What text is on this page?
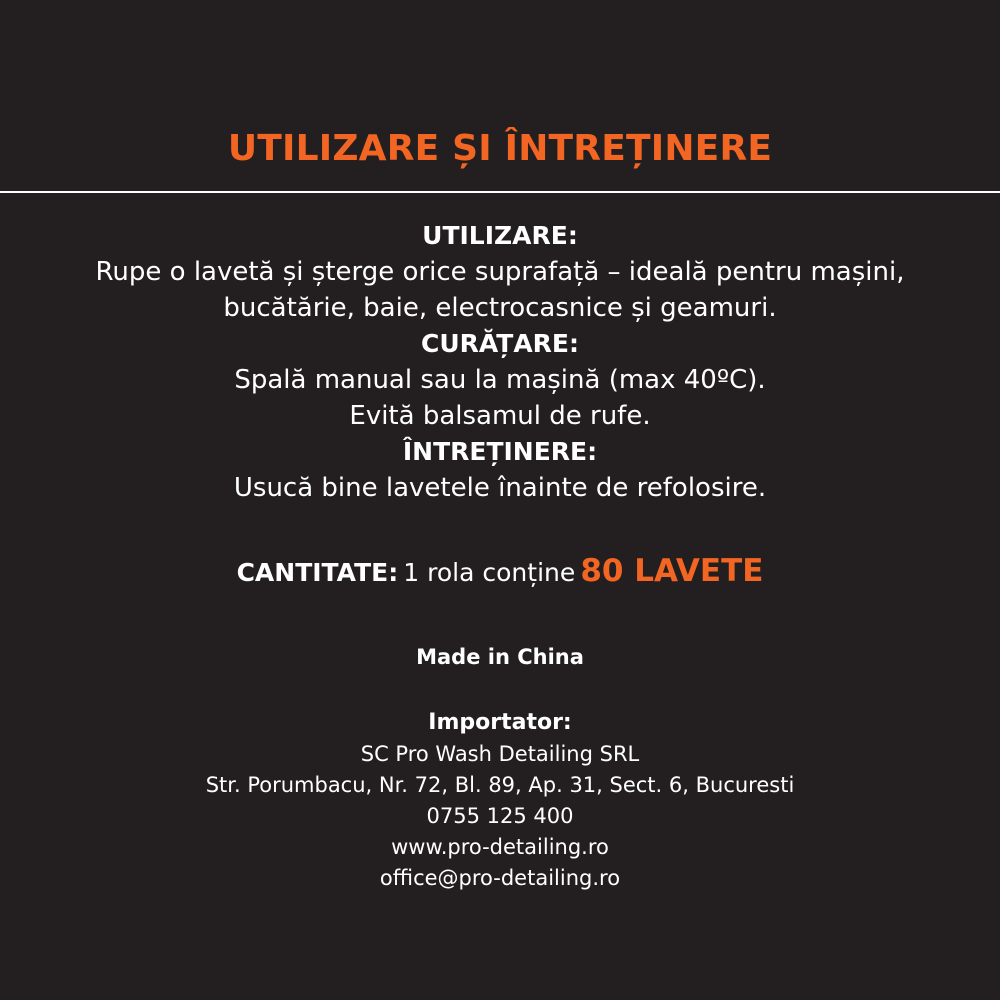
UTILIZARE ȘI ÎNTREȚINERE
UTILIZARE:
Rupe o lavetă și șterge orice suprafață – ideală pentru mașini,
bucătărie, baie, electrocasnice și geamuri.
CURĂȚARE:
Spală manual sau la mașină (max 40ºC).
Evită balsamul de rufe.
ÎNTREȚINERE:
Usucă bine lavetele înainte de refolosire.
CANTITATE: 1 rola conține 80 LAVETE
Made in China
Importator:
SC Pro Wash Detailing SRL
Str. Porumbacu, Nr. 72, Bl. 89, Ap. 31, Sect. 6, Bucuresti
0755 125 400
www.pro-detailing.ro
office@pro-detailing.ro
